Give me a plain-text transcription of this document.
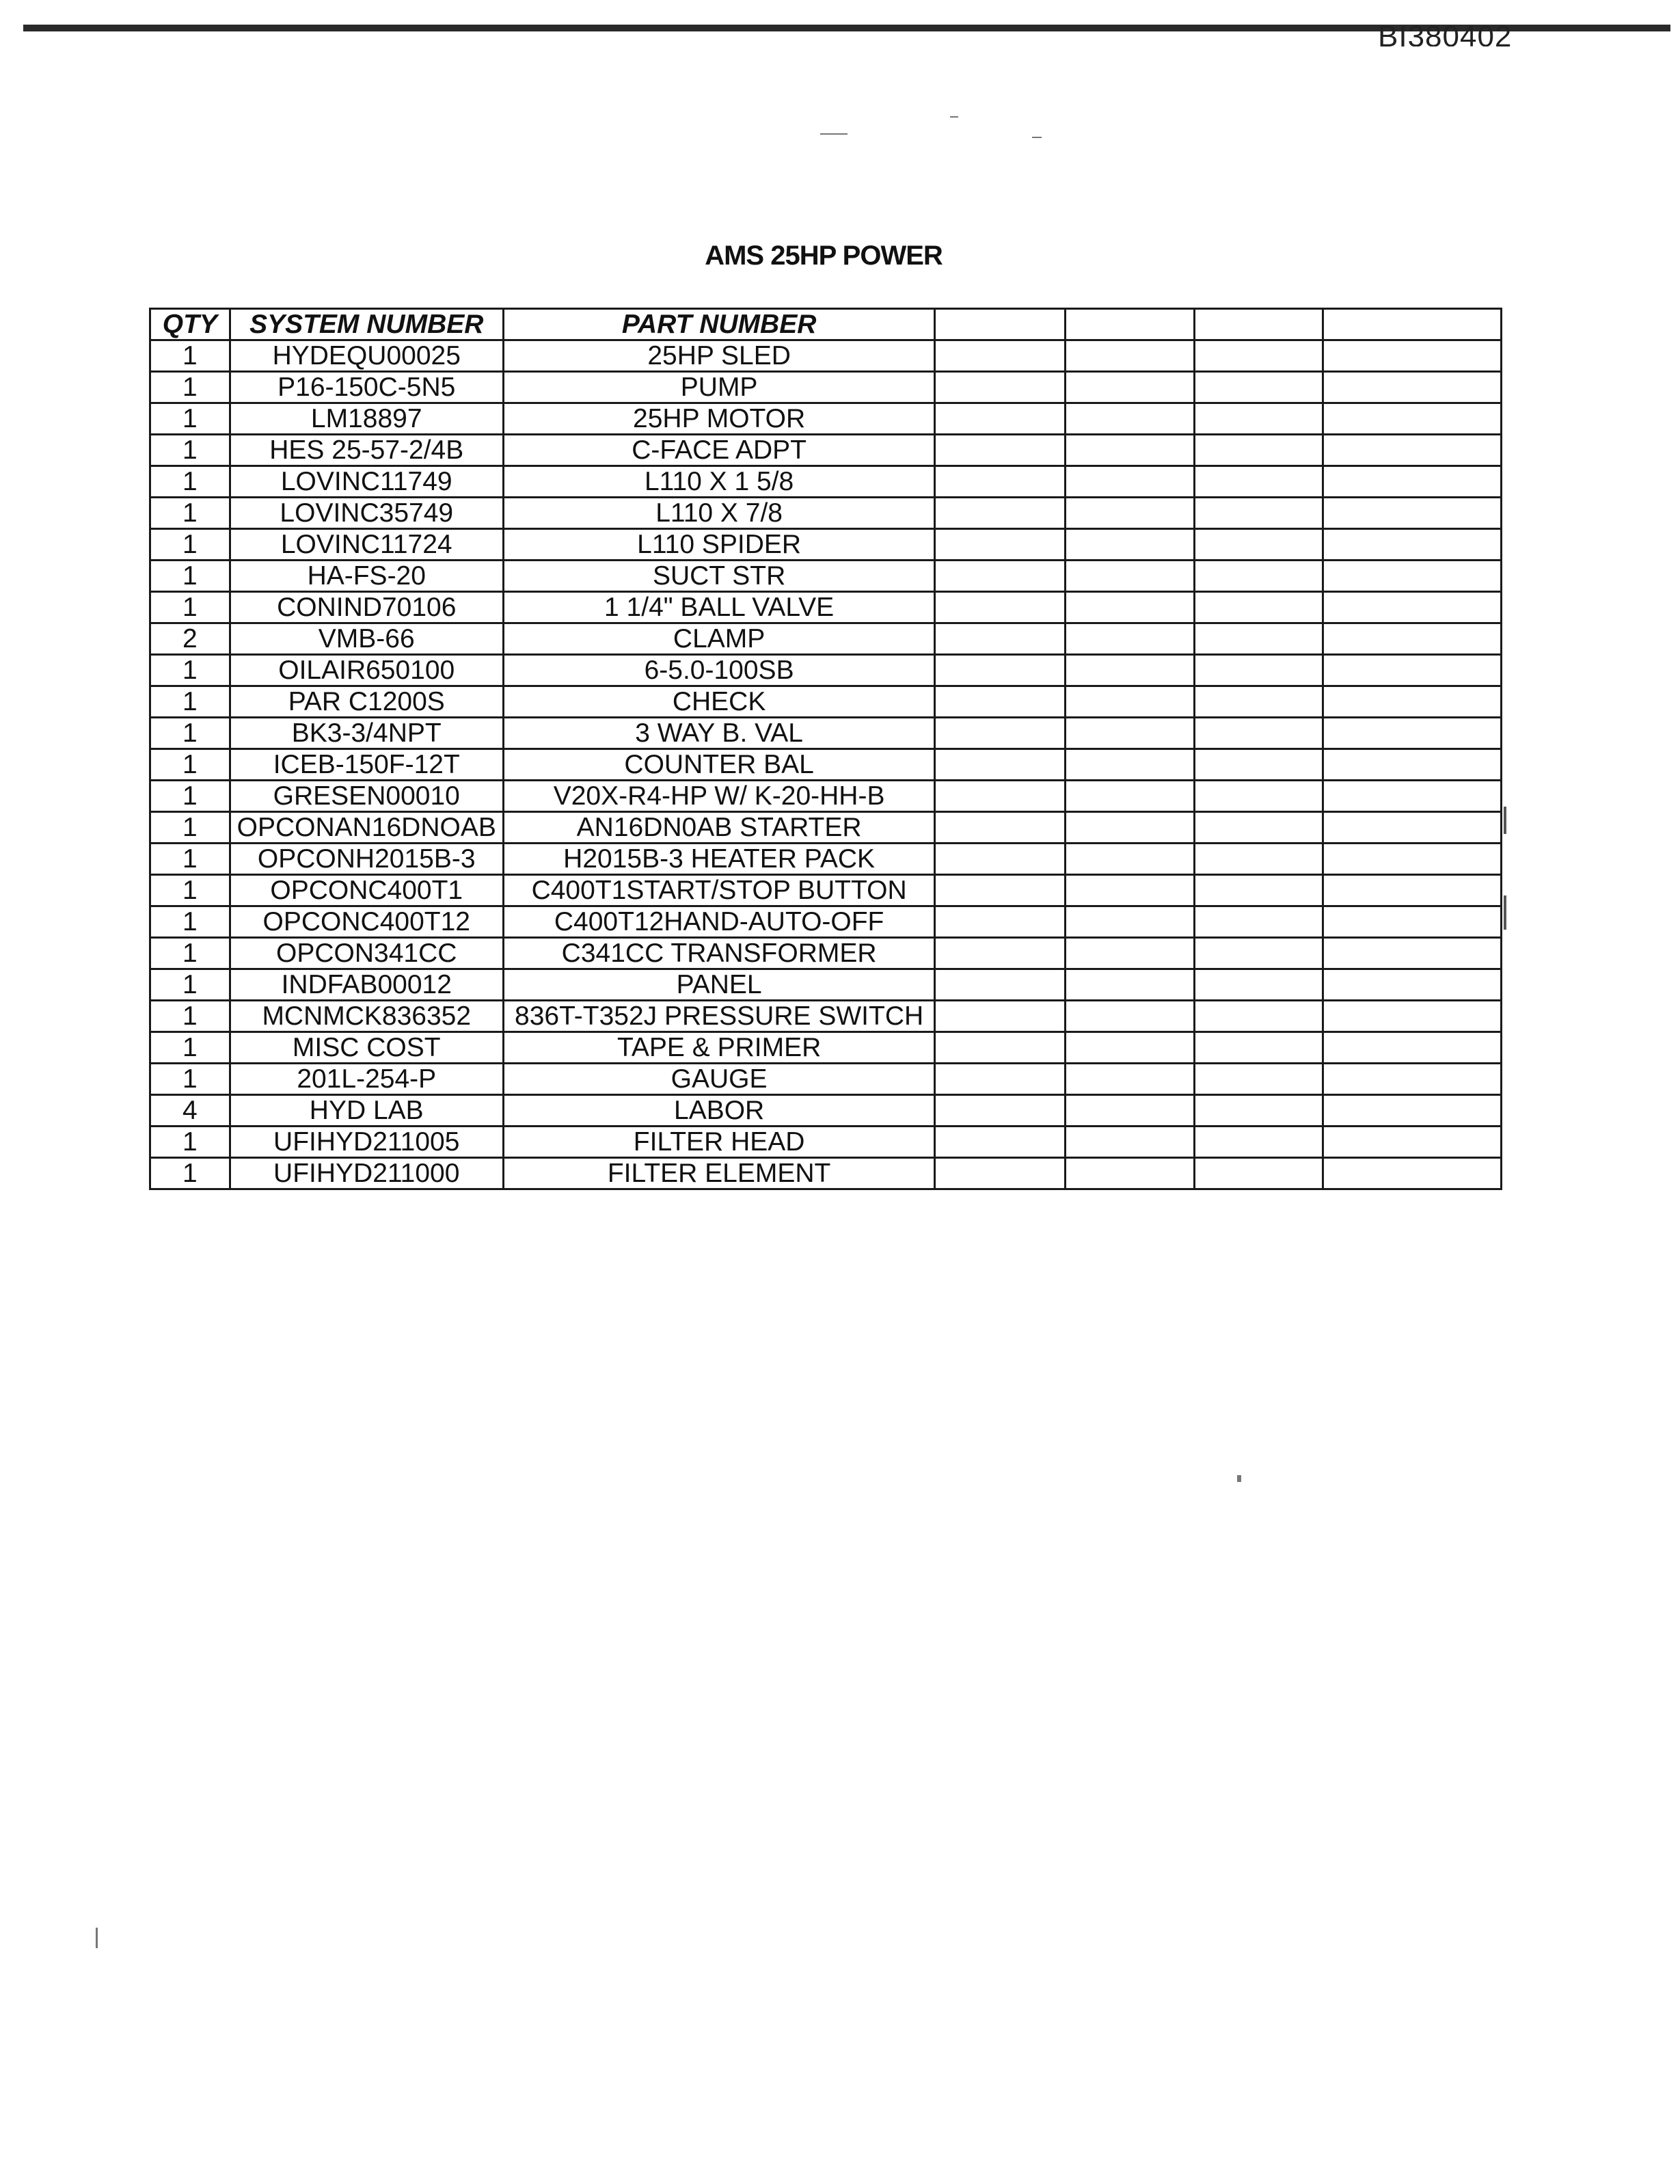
BI380402
AMS 25HP POWER
QTY	SYSTEM NUMBER	PART NUMBER				
1	HYDEQU00025	25HP SLED				
1	P16-150C-5N5	PUMP				
1	LM18897	25HP MOTOR				
1	HES 25-57-2/4B	C-FACE ADPT				
1	LOVINC11749	L110 X 1 5/8				
1	LOVINC35749	L110 X 7/8				
1	LOVINC11724	L110 SPIDER				
1	HA-FS-20	SUCT STR				
1	CONIND70106	1 1/4" BALL VALVE				
2	VMB-66	CLAMP				
1	OILAIR650100	6-5.0-100SB				
1	PAR C1200S	CHECK				
1	BK3-3/4NPT	3 WAY B. VAL				
1	ICEB-150F-12T	COUNTER BAL				
1	GRESEN00010	V20X-R4-HP W/ K-20-HH-B				
1	OPCONAN16DNOAB	AN16DN0AB STARTER				
1	OPCONH2015B-3	H2015B-3 HEATER PACK				
1	OPCONC400T1	C400T1START/STOP BUTTON				
1	OPCONC400T12	C400T12HAND-AUTO-OFF				
1	OPCON341CC	C341CC TRANSFORMER				
1	INDFAB00012	PANEL				
1	MCNMCK836352	836T-T352J PRESSURE SWITCH				
1	MISC COST	TAPE & PRIMER				
1	201L-254-P	GAUGE				
4	HYD LAB	LABOR				
1	UFIHYD211005	FILTER HEAD				
1	UFIHYD211000	FILTER ELEMENT				
